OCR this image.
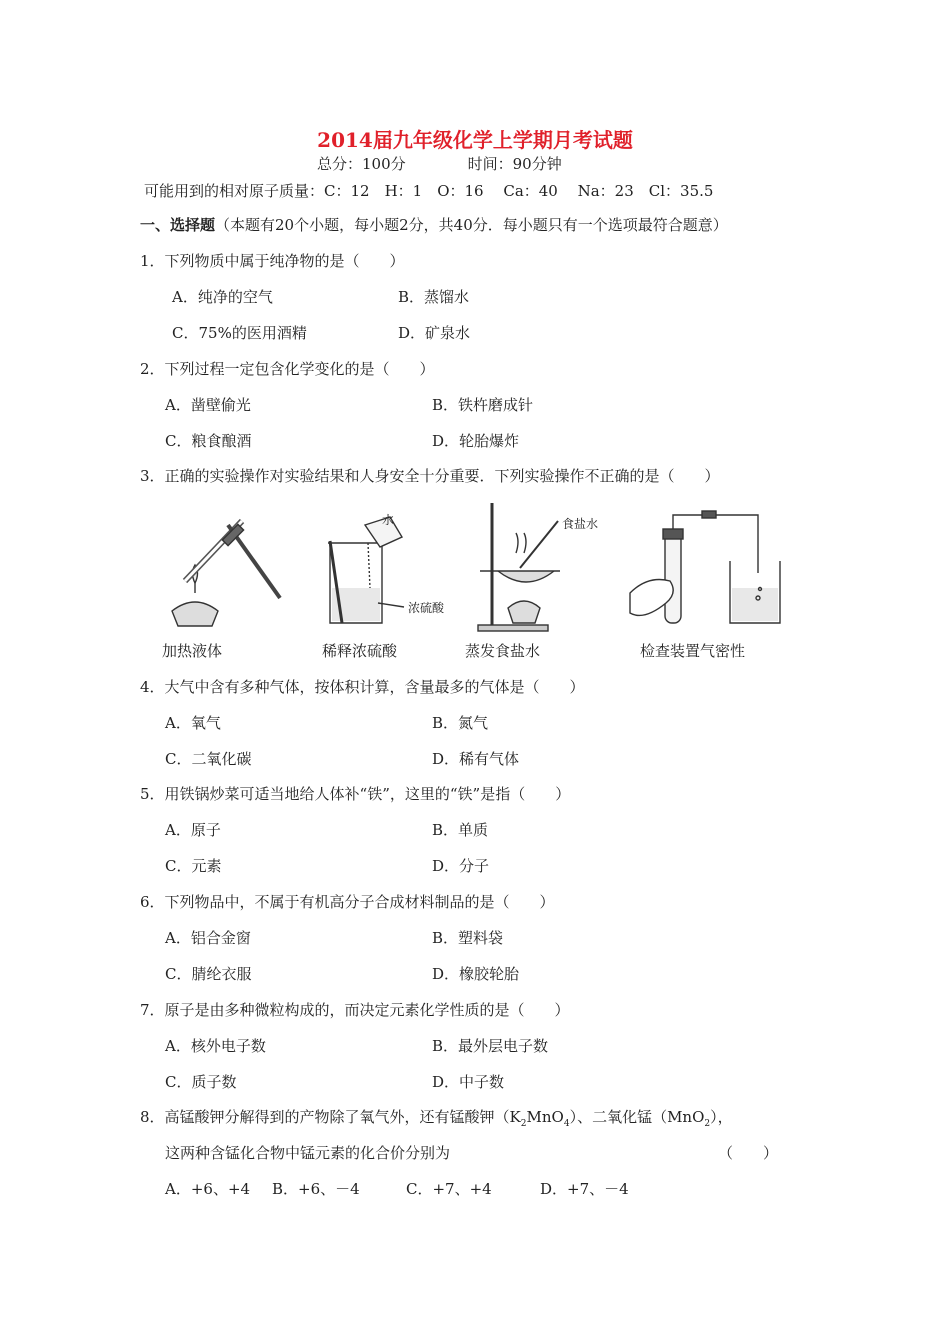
2014届九年级化学上学期月考试题
总分：100分	时间：90分钟
可能用到的相对原子质量：C：12　H：1　O：16　 Ca：40　 Na：23　Cl：35.5
一、选择题（本题有20个小题，每小题2分，共40分．每小题只有一个选项最符合题意）
1．下列物质中属于纯净物的是（　　）
A．纯净的空气	B．蒸馏水
C．75%的医用酒精	D．矿泉水
2．下列过程一定包含化学变化的是（　　）
A．凿壁偷光	B．铁杵磨成针
C．粮食酿酒	D．轮胎爆炸
3．正确的实验操作对实验结果和人身安全十分重要．下列实验操作不正确的是（　　）
水
浓硫酸
食盐水
加热液体	稀释浓硫酸	蒸发食盐水	检查装置气密性
4．大气中含有多种气体，按体积计算，含量最多的气体是（　　）
A．氧气	B．氮气
C．二氧化碳	D．稀有气体
5．用铁锅炒菜可适当地给人体补“铁”，这里的“铁”是指（　　）
A．原子	B．单质
C．元素	D．分子
6．下列物品中，不属于有机高分子合成材料制品的是（　　）
A．铝合金窗	B．塑料袋
C．腈纶衣服	D．橡胶轮胎
7．原子是由多种微粒构成的，而决定元素化学性质的是（　　）
A．核外电子数	B．最外层电子数
C．质子数	D．中子数
8．高锰酸钾分解得到的产物除了氧气外，还有锰酸钾$(K_2MnO_4)$、二氧化锰（MnO$_2$），
这两种含锰化合物中锰元素的化合价分别为	（　　）
A．+6、+4 B．+6、－4	C．+7、+4	D．+7、－4
